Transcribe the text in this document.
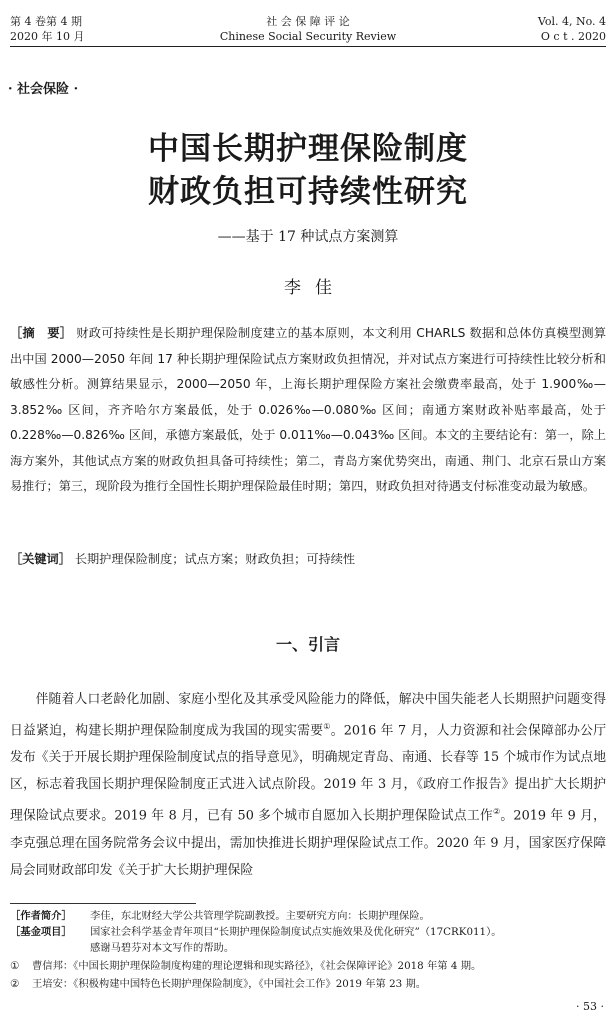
第 4 卷第 4 期
2020 年 10 月
社 会 保 障 评 论
Chinese Social Security Review
Vol. 4, No. 4
O c t . 2020
· 社会保险 ·
中国长期护理保险制度
财政负担可持续性研究
——基于 17 种试点方案测算
李佳
［摘　要］ 财政可持续性是长期护理保险制度建立的基本原则，本文利用 CHARLS 数据和总体仿真模型测算出中国 2000—2050 年间 17 种长期护理保险试点方案财政负担情况，并对试点方案进行可持续性比较分析和敏感性分析。测算结果显示，2000—2050 年，上海长期护理保险方案社会缴费率最高，处于 1.900‰—3.852‰ 区间，齐齐哈尔方案最低，处于 0.026‰—0.080‰ 区间；南通方案财政补贴率最高，处于 0.228‰—0.826‰ 区间，承德方案最低，处于 0.011‰—0.043‰ 区间。本文的主要结论有：第一，除上海方案外，其他试点方案的财政负担具备可持续性；第二，青岛方案优势突出，南通、荆门、北京石景山方案易推行；第三，现阶段为推行全国性长期护理保险最佳时期；第四，财政负担对待遇支付标准变动最为敏感。
［关键词］ 长期护理保险制度；试点方案；财政负担；可持续性
一、引言

伴随着人口老龄化加剧、家庭小型化及其承受风险能力的降低，解决中国失能老人长期照护问题变得日益紧迫，构建长期护理保险制度成为我国的现实需要①。2016 年 7 月，人力资源和社会保障部办公厅发布《关于开展长期护理保险制度试点的指导意见》，明确规定青岛、南通、长春等 15 个城市作为试点地区，标志着我国长期护理保险制度正式进入试点阶段。2019 年 3 月，《政府工作报告》提出扩大长期护理保险试点要求。2019 年 8 月，已有 50 多个城市自愿加入长期护理保险试点工作②。2019 年 9 月，李克强总理在国务院常务会议中提出，需加快推进长期护理保险试点工作。2020 年 9 月，国家医疗保障局会同财政部印发《关于扩大长期护理保险

［作者简介］	李佳，东北财经大学公共管理学院副教授。主要研究方向：长期护理保险。
［基金项目］	国家社会科学基金青年项目“长期护理保险制度试点实施效果及优化研究”（17CRK011）。
感谢马碧芬对本文写作的帮助。
①	曹信邦：《中国长期护理保险制度构建的理论逻辑和现实路径》，《社会保障评论》2018 年第 4 期。
②	王培安：《积极构建中国特色长期护理保险制度》，《中国社会工作》2019 年第 23 期。
· 53 ·
